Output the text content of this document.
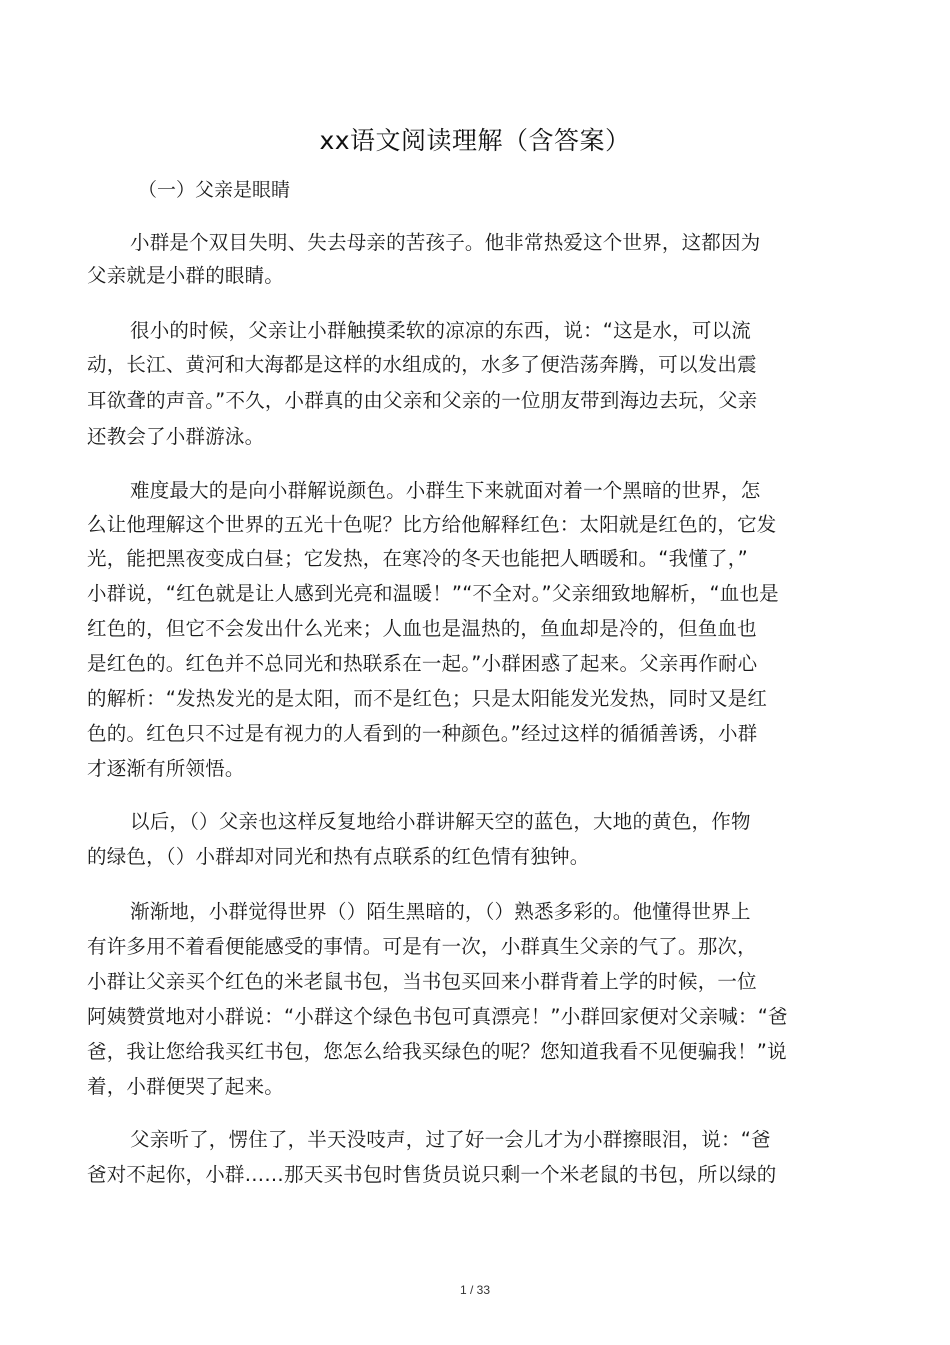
xx语文阅读理解（含答案）
（一）父亲是眼睛
小群是个双目失明、失去母亲的苦孩子。他非常热爱这个世界，这都因为
父亲就是小群的眼睛。
很小的时候，父亲让小群触摸柔软的凉凉的东西，说：“这是水，可以流
动，长江、黄河和大海都是这样的水组成的，水多了便浩荡奔腾，可以发出震
耳欲聋的声音。”不久，小群真的由父亲和父亲的一位朋友带到海边去玩，父亲
还教会了小群游泳。
难度最大的是向小群解说颜色。小群生下来就面对着一个黑暗的世界，怎
么让他理解这个世界的五光十色呢？比方给他解释红色：太阳就是红色的，它发
光，能把黑夜变成白昼；它发热，在寒冷的冬天也能把人晒暖和。“我懂了，”
小群说，“红色就是让人感到光亮和温暖！”“不全对。”父亲细致地解析，“血也是
红色的，但它不会发出什么光来；人血也是温热的，鱼血却是冷的，但鱼血也
是红色的。红色并不总同光和热联系在一起。”小群困惑了起来。父亲再作耐心
的解析：“发热发光的是太阳，而不是红色；只是太阳能发光发热，同时又是红
色的。红色只不过是有视力的人看到的一种颜色。”经过这样的循循善诱，小群
才逐渐有所领悟。
以后，（）父亲也这样反复地给小群讲解天空的蓝色，大地的黄色，作物
的绿色，（）小群却对同光和热有点联系的红色情有独钟。
渐渐地，小群觉得世界（）陌生黑暗的，（）熟悉多彩的。他懂得世界上
有许多用不着看便能感受的事情。可是有一次，小群真生父亲的气了。那次，
小群让父亲买个红色的米老鼠书包，当书包买回来小群背着上学的时候，一位
阿姨赞赏地对小群说：“小群这个绿色书包可真漂亮！”小群回家便对父亲喊：“爸
爸，我让您给我买红书包，您怎么给我买绿色的呢？您知道我看不见便骗我！”说
着，小群便哭了起来。
父亲听了，愣住了，半天没吱声，过了好一会儿才为小群擦眼泪，说：“爸
爸对不起你，小群……那天买书包时售货员说只剩一个米老鼠的书包，所以绿的
1 / 33
